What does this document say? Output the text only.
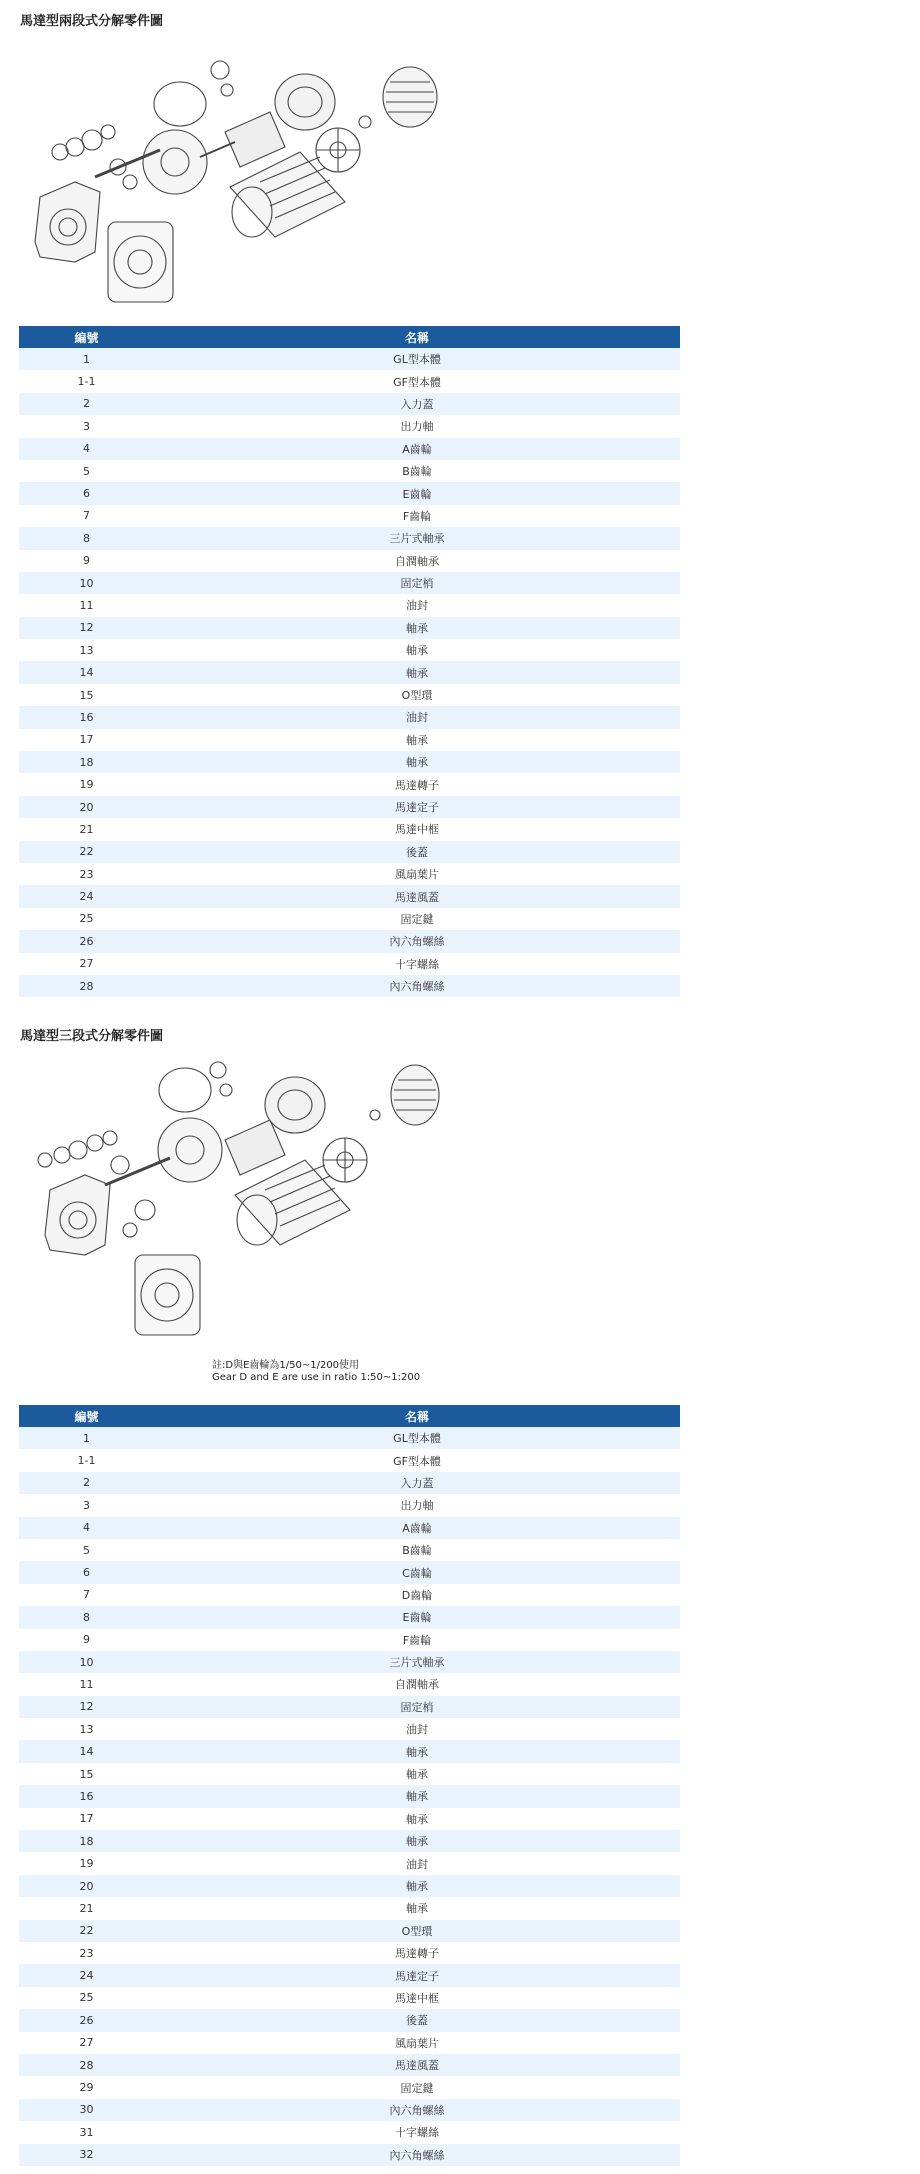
馬達型兩段式分解零件圖
編號	名稱
1	GL型本體
1-1	GF型本體
2	入力蓋
3	出力軸
4	A齒輪
5	B齒輪
6	E齒輪
7	F齒輪
8	三片式軸承
9	自潤軸承
10	固定梢
11	油封
12	軸承
13	軸承
14	軸承
15	O型環
16	油封
17	軸承
18	軸承
19	馬達轉子
20	馬達定子
21	馬達中框
22	後蓋
23	風扇葉片
24	馬達風蓋
25	固定鍵
26	內六角螺絲
27	十字螺絲
28	內六角螺絲
馬達型三段式分解零件圖
註:D與E齒輪為1/50~1/200使用
Gear D and E are use in ratio 1:50~1:200
編號	名稱
1	GL型本體
1-1	GF型本體
2	入力蓋
3	出力軸
4	A齒輪
5	B齒輪
6	C齒輪
7	D齒輪
8	E齒輪
9	F齒輪
10	三片式軸承
11	自潤軸承
12	固定梢
13	油封
14	軸承
15	軸承
16	軸承
17	軸承
18	軸承
19	油封
20	軸承
21	軸承
22	O型環
23	馬達轉子
24	馬達定子
25	馬達中框
26	後蓋
27	風扇葉片
28	馬達風蓋
29	固定鍵
30	內六角螺絲
31	十字螺絲
32	內六角螺絲
